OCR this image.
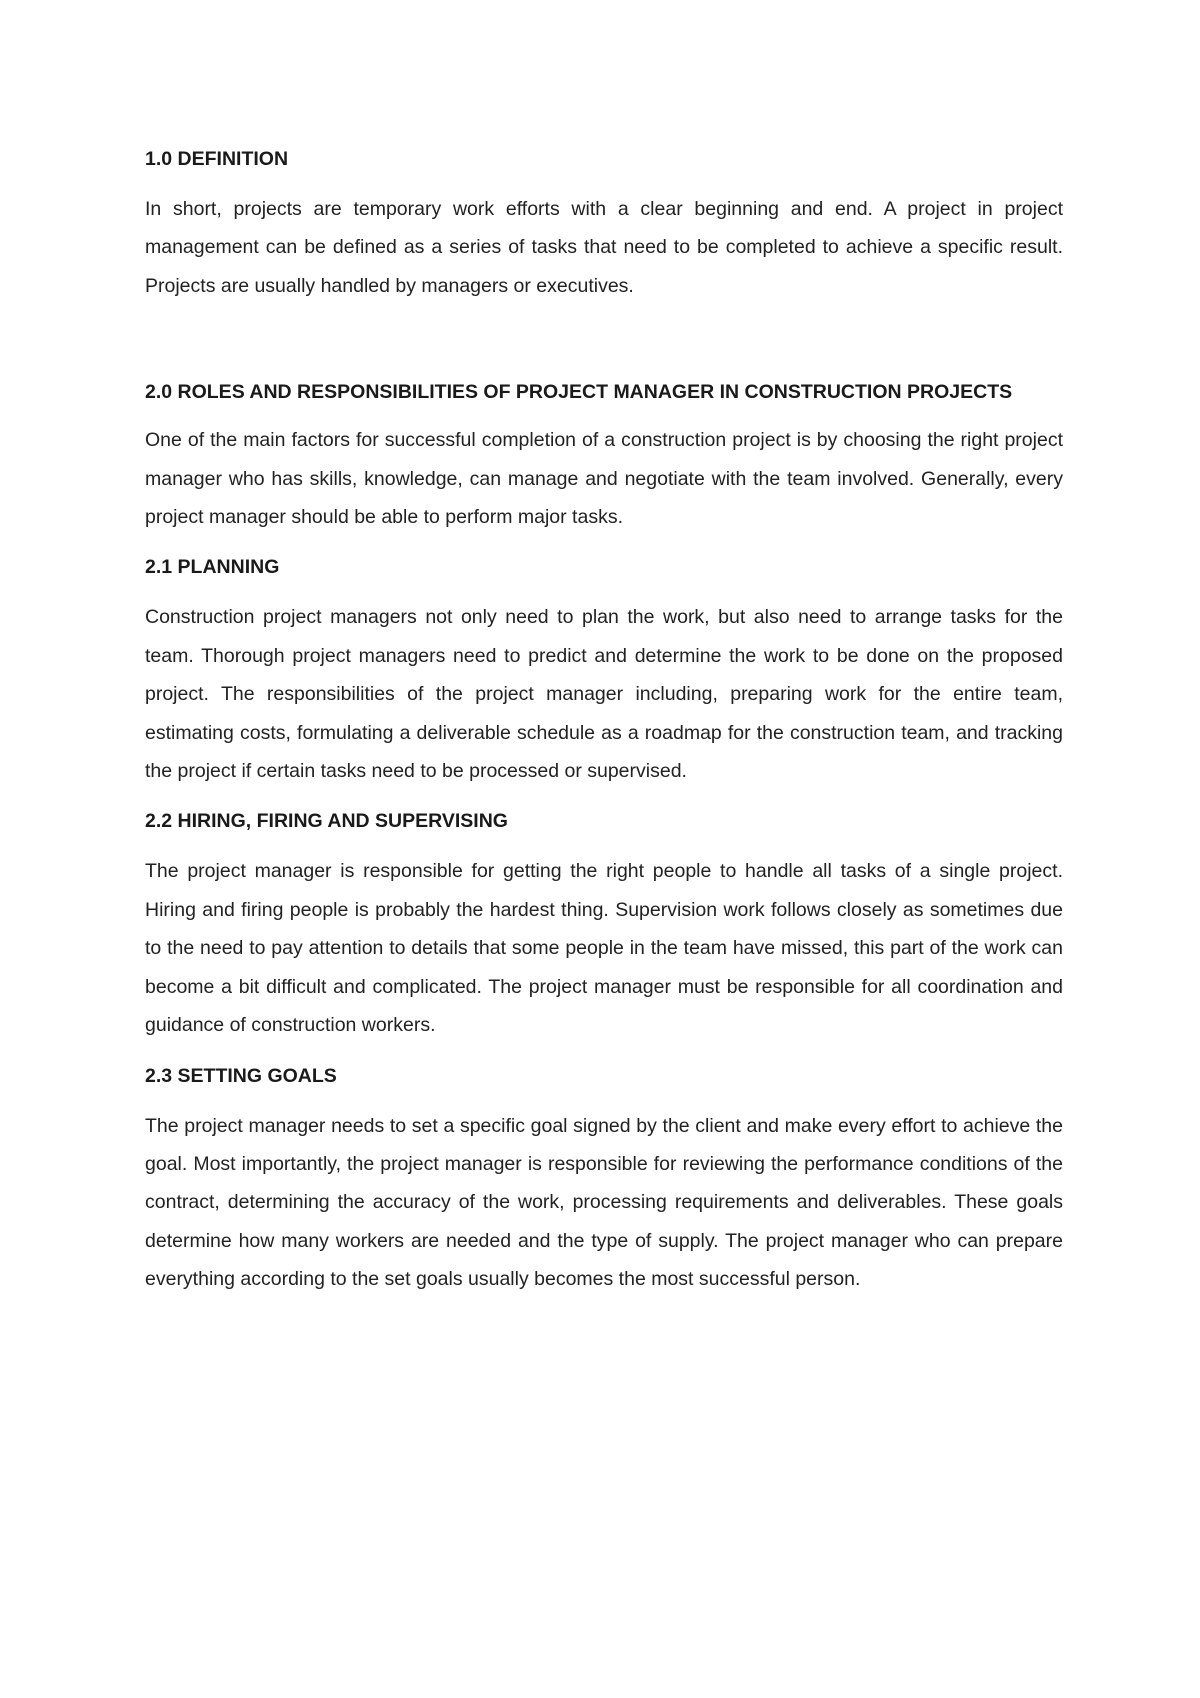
1.0 DEFINITION

In short, projects are temporary work efforts with a clear beginning and end. A project in project management can be defined as a series of tasks that need to be completed to achieve a specific result. Projects are usually handled by managers or executives.

2.0 ROLES AND RESPONSIBILITIES OF PROJECT MANAGER IN CONSTRUCTION PROJECTS

One of the main factors for successful completion of a construction project is by choosing the right project manager who has skills, knowledge, can manage and negotiate with the team involved. Generally, every project manager should be able to perform major tasks.

2.1 PLANNING

Construction project managers not only need to plan the work, but also need to arrange tasks for the team. Thorough project managers need to predict and determine the work to be done on the proposed project. The responsibilities of the project manager including, preparing work for the entire team, estimating costs, formulating a deliverable schedule as a roadmap for the construction team, and tracking the project if certain tasks need to be processed or supervised.

2.2 HIRING, FIRING AND SUPERVISING

The project manager is responsible for getting the right people to handle all tasks of a single project. Hiring and firing people is probably the hardest thing. Supervision work follows closely as sometimes due to the need to pay attention to details that some people in the team have missed, this part of the work can become a bit difficult and complicated. The project manager must be responsible for all coordination and guidance of construction workers.

2.3 SETTING GOALS

The project manager needs to set a specific goal signed by the client and make every effort to achieve the goal. Most importantly, the project manager is responsible for reviewing the performance conditions of the contract, determining the accuracy of the work, processing requirements and deliverables. These goals determine how many workers are needed and the type of supply. The project manager who can prepare everything according to the set goals usually becomes the most successful person.
